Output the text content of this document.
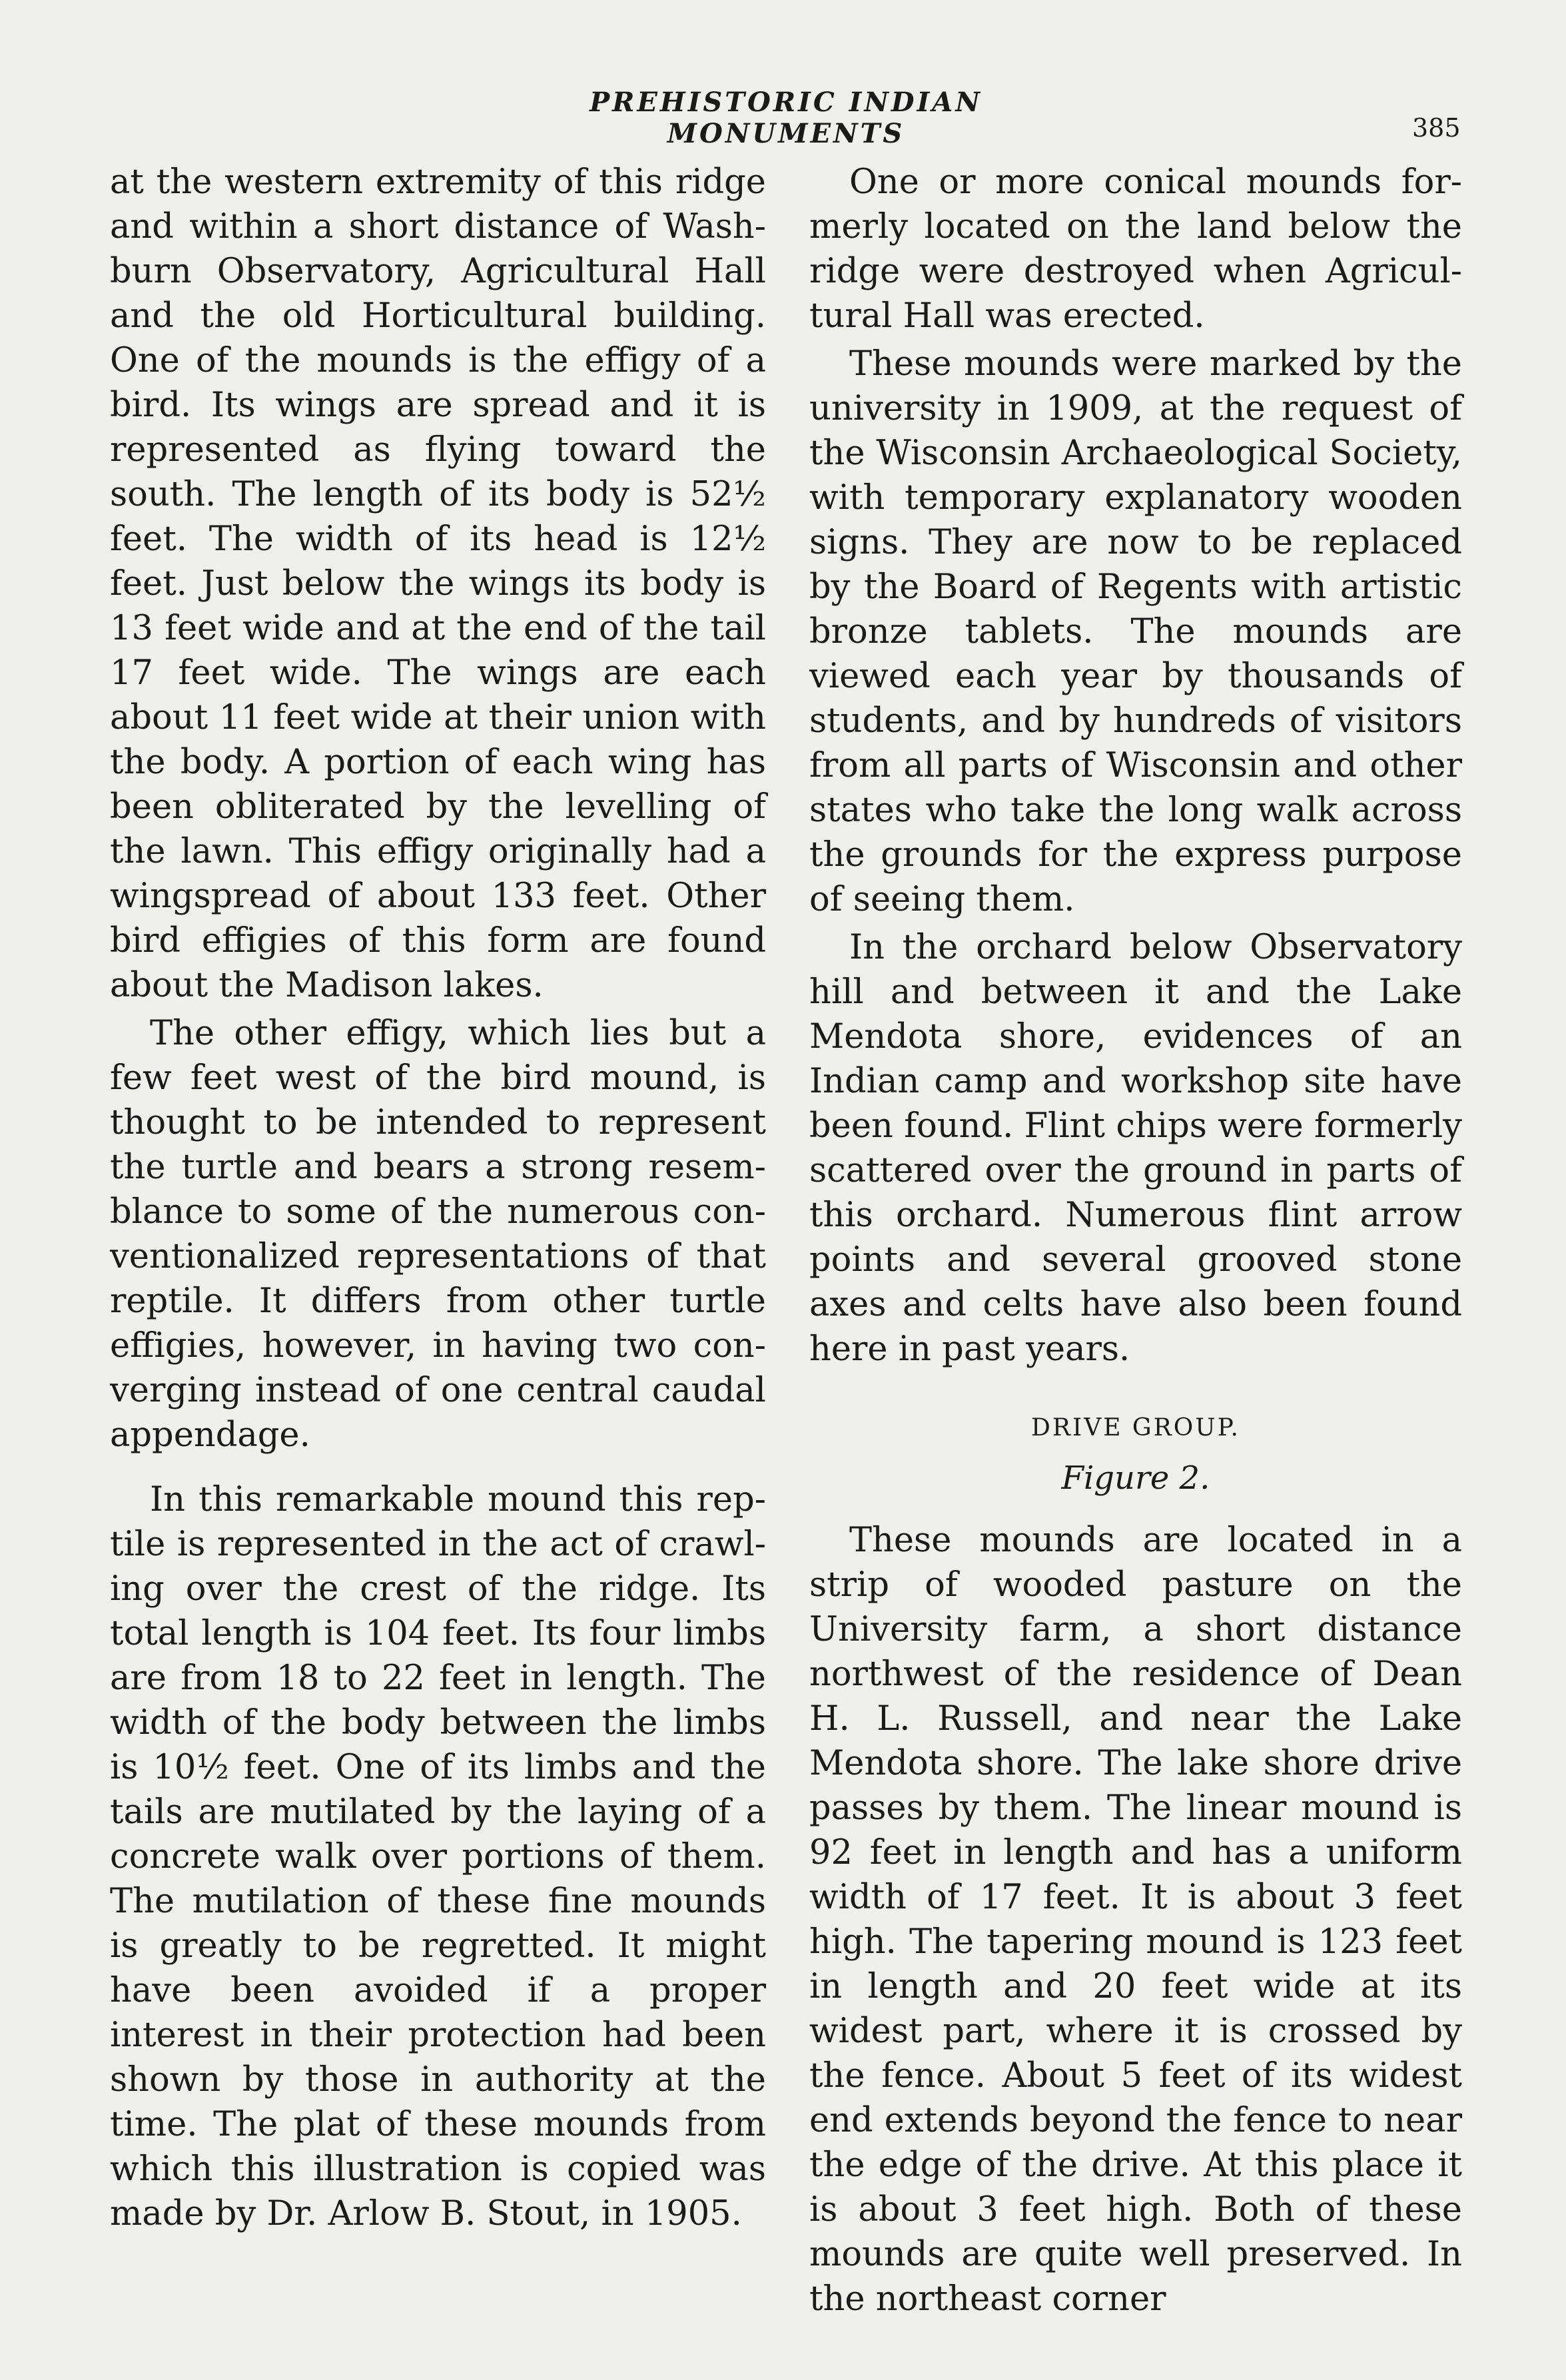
PREHISTORIC INDIAN MONUMENTS	385

at the western extremity of this ridge and within a short distance of Washburn Observatory, Agricultural Hall and the old Horticultural building. One of the mounds is the effigy of a bird. Its wings are spread and it is represented as flying toward the south. The length of its body is 52½ feet. The width of its head is 12½ feet. Just below the wings its body is 13 feet wide and at the end of the tail 17 feet wide. The wings are each about 11 feet wide at their union with the body. A portion of each wing has been obliterated by the levelling of the lawn. This effigy originally had a wingspread of about 133 feet. Other bird effigies of this form are found about the Madison lakes.

The other effigy, which lies but a few feet west of the bird mound, is thought to be intended to represent the turtle and bears a strong resemblance to some of the numerous conventionalized representations of that reptile. It differs from other turtle effigies, however, in having two converging instead of one central caudal appendage.

In this remarkable mound this reptile is represented in the act of crawling over the crest of the ridge. Its total length is 104 feet. Its four limbs are from 18 to 22 feet in length. The width of the body between the limbs is 10½ feet. One of its limbs and the tails are mutilated by the laying of a concrete walk over portions of them. The mutilation of these fine mounds is greatly to be regretted. It might have been avoided if a proper interest in their protection had been shown by those in authority at the time. The plat of these mounds from which this illustration is copied was made by Dr. Arlow B. Stout, in 1905.

One or more conical mounds formerly located on the land below the ridge were destroyed when Agricultural Hall was erected.

These mounds were marked by the university in 1909, at the request of the Wisconsin Archaeological Society, with temporary explanatory wooden signs. They are now to be replaced by the Board of Regents with artistic bronze tablets. The mounds are viewed each year by thousands of students, and by hundreds of visitors from all parts of Wisconsin and other states who take the long walk across the grounds for the express purpose of seeing them.

In the orchard below Observatory hill and between it and the Lake Mendota shore, evidences of an Indian camp and workshop site have been found. Flint chips were formerly scattered over the ground in parts of this orchard. Numerous flint arrow points and several grooved stone axes and celts have also been found here in past years.

DRIVE GROUP.
Figure 2.

These mounds are located in a strip of wooded pasture on the University farm, a short distance northwest of the residence of Dean H. L. Russell, and near the Lake Mendota shore. The lake shore drive passes by them. The linear mound is 92 feet in length and has a uniform width of 17 feet. It is about 3 feet high. The tapering mound is 123 feet in length and 20 feet wide at its widest part, where it is crossed by the fence. About 5 feet of its widest end extends beyond the fence to near the edge of the drive. At this place it is about 3 feet high. Both of these mounds are quite well preserved. In the northeast corner
